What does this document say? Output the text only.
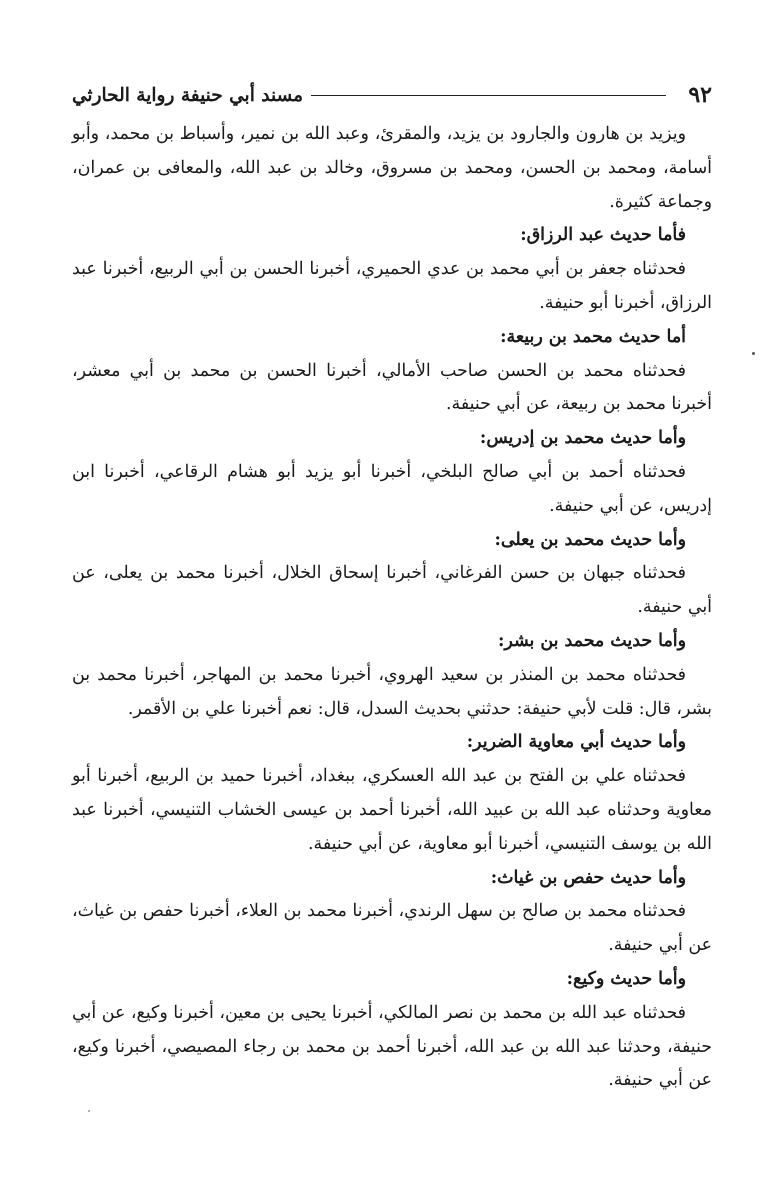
٩٢
مسند أبي حنيفة رواية الحارثي

ويزيد بن هارون والجارود بن يزيد، والمقرئ، وعبد الله بن نمير، وأسباط بن محمد، وأبو أسامة، ومحمد بن الحسن، ومحمد بن مسروق، وخالد بن عبد الله، والمعافى بن عمران، وجماعة كثيرة.

فأما حديث عبد الرزاق:

فحدثناه جعفر بن أبي محمد بن عدي الحميري، أخبرنا الحسن بن أبي الربيع، أخبرنا عبد الرزاق، أخبرنا أبو حنيفة.

أما حديث محمد بن ربيعة:

فحدثناه محمد بن الحسن صاحب الأمالي، أخبرنا الحسن بن محمد بن أبي معشر، أخبرنا محمد بن ربيعة، عن أبي حنيفة.

وأما حديث محمد بن إدريس:

فحدثناه أحمد بن أبي صالح البلخي، أخبرنا أبو يزيد أبو هشام الرقاعي، أخبرنا ابن إدريس، عن أبي حنيفة.

وأما حديث محمد بن يعلى:

فحدثناه جبهان بن حسن الفرغاني، أخبرنا إسحاق الخلال، أخبرنا محمد بن يعلى، عن أبي حنيفة.

وأما حديث محمد بن بشر:

فحدثناه محمد بن المنذر بن سعيد الهروي، أخبرنا محمد بن المهاجر، أخبرنا محمد بن بشر، قال: قلت لأبي حنيفة: حدثني بحديث السدل، قال: نعم أخبرنا علي بن الأقمر.

وأما حديث أبي معاوية الضرير:

فحدثناه علي بن الفتح بن عبد الله العسكري، ببغداد، أخبرنا حميد بن الربيع، أخبرنا أبو معاوية وحدثناه عبد الله بن عبيد الله، أخبرنا أحمد بن عيسى الخشاب التنيسي، أخبرنا عبد الله بن يوسف التنيسي، أخبرنا أبو معاوية، عن أبي حنيفة.

وأما حديث حفص بن غياث:

فحدثناه محمد بن صالح بن سهل الرندي، أخبرنا محمد بن العلاء، أخبرنا حفص بن غياث، عن أبي حنيفة.

وأما حديث وكيع:

فحدثناه عبد الله بن محمد بن نصر المالكي، أخبرنا يحيى بن معين، أخبرنا وكيع، عن أبي حنيفة، وحدثنا عبد الله بن عبد الله، أخبرنا أحمد بن محمد بن رجاء المصيصي، أخبرنا وكيع، عن أبي حنيفة.
